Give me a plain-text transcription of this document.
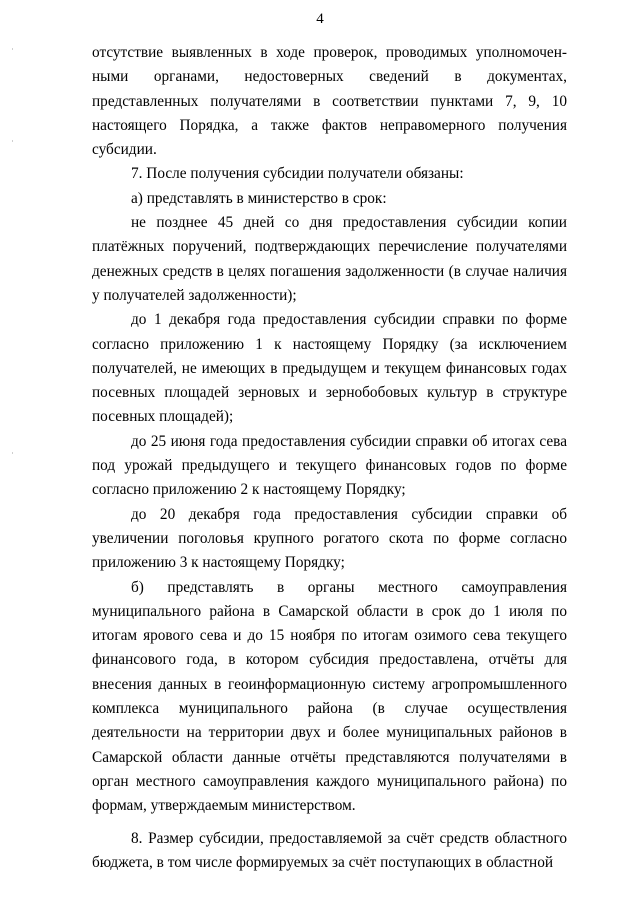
4

отсутствие выявленных в ходе проверок, проводимых уполномоченными органами, недостоверных сведений в документах, представленных получателями в соответствии пунктами 7, 9, 10 настоящего Порядка, а также фактов неправомерного получения субсидии.

7. После получения субсидии получатели обязаны:

а) представлять в министерство в срок:

не позднее 45 дней со дня предоставления субсидии копии платёжных поручений, подтверждающих перечисление получателями денежных средств в целях погашения задолженности (в случае наличия у получателей задолженности);

до 1 декабря года предоставления субсидии справки по форме согласно приложению 1 к настоящему Порядку (за исключением получателей, не имеющих в предыдущем и текущем финансовых годах посевных площадей зерновых и зернобобовых культур в структуре посевных площадей);

до 25 июня года предоставления субсидии справки об итогах сева под урожай предыдущего и текущего финансовых годов по форме согласно приложению 2 к настоящему Порядку;

до 20 декабря года предоставления субсидии справки об увеличении поголовья крупного рогатого скота по форме согласно приложению 3 к настоящему Порядку;

б) представлять в органы местного самоуправления муниципального района в Самарской области в срок до 1 июля по итогам ярового сева и до 15 ноября по итогам озимого сева текущего финансового года, в котором субсидия предоставлена, отчёты для внесения данных в геоинформационную систему агропромышленного комплекса муниципального района (в случае осуществления деятельности на территории двух и более муниципальных районов в Самарской области данные отчёты представляются получателями в орган местного самоуправления каждого муниципального района) по формам, утверждаемым министерством.

8. Размер субсидии, предоставляемой за счёт средств областного бюджета, в том числе формируемых за счёт поступающих в областной
